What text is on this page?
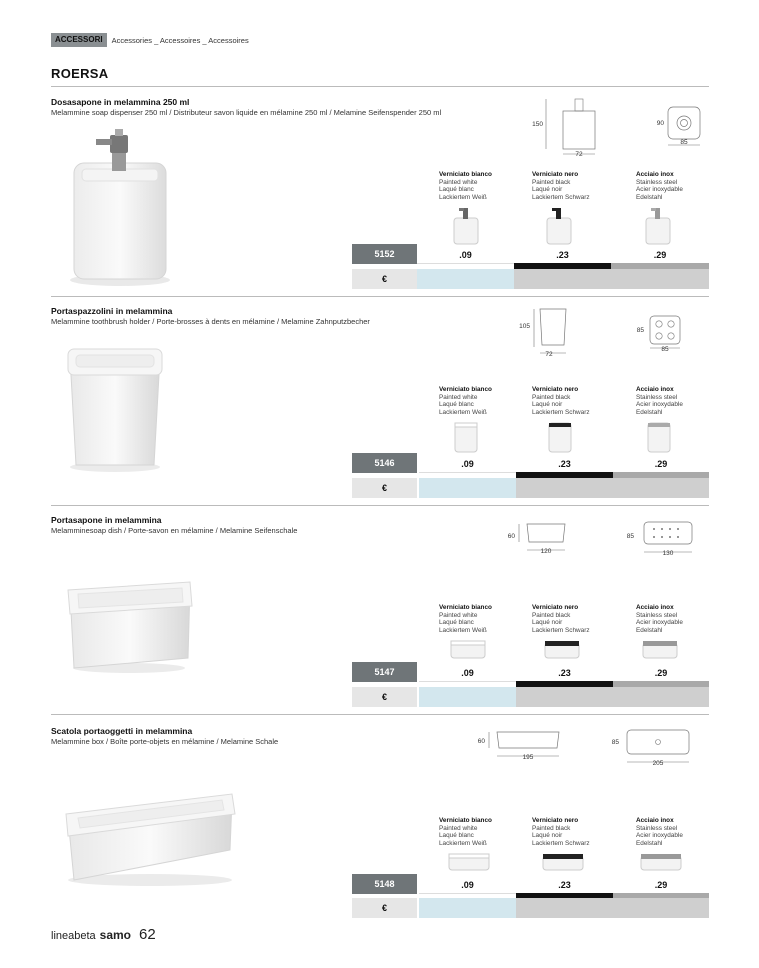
ACCESSORI	Accessories _ Accessoires _ Accessoires
ROERSA
Dosasapone in melammina 250 ml
Melammine soap dispenser 250 ml / Distributeur savon liquide en mélamine 250 ml / Melamine Seifenspender 250 ml
150
72
90
85
Verniciato bianco
Painted white
Laqué blanc
Lackiertem Weiß
Verniciato nero
Painted black
Laqué noir
Lackiertem Schwarz
Acciaio inox
Stainless steel
Acier inoxydable
Edelstahl
5152	.09	.23	.29
€
Portaspazzolini in melammina
Melammine toothbrush holder / Porte-brosses à dents en mélamine / Melamine Zahnputzbecher
105
72
85
85
Verniciato bianco
Painted white
Laqué blanc
Lackiertem Weiß
Verniciato nero
Painted black
Laqué noir
Lackiertem Schwarz
Acciaio inox
Stainless steel
Acier inoxydable
Edelstahl
5146	.09	.23	.29
€
Portasapone in melammina
Melamminesoap dish / Porte-savon en mélamine / Melamine Seifenschale
60
120
85
130
Verniciato bianco
Painted white
Laqué blanc
Lackiertem Weiß
Verniciato nero
Painted black
Laqué noir
Lackiertem Schwarz
Acciaio inox
Stainless steel
Acier inoxydable
Edelstahl
5147	.09	.23	.29
€
Scatola portaoggetti in melammina
Melammine box / Boîte porte-objets en mélamine / Melamine Schale	60
195
85
205
Verniciato bianco
Painted white
Laqué blanc
Lackiertem Weiß
Verniciato nero
Painted black
Laqué noir
Lackiertem Schwarz
Acciaio inox
Stainless steel
Acier inoxydable
Edelstahl
5148	.09	.23	.29
€
lineabeta samo 62
